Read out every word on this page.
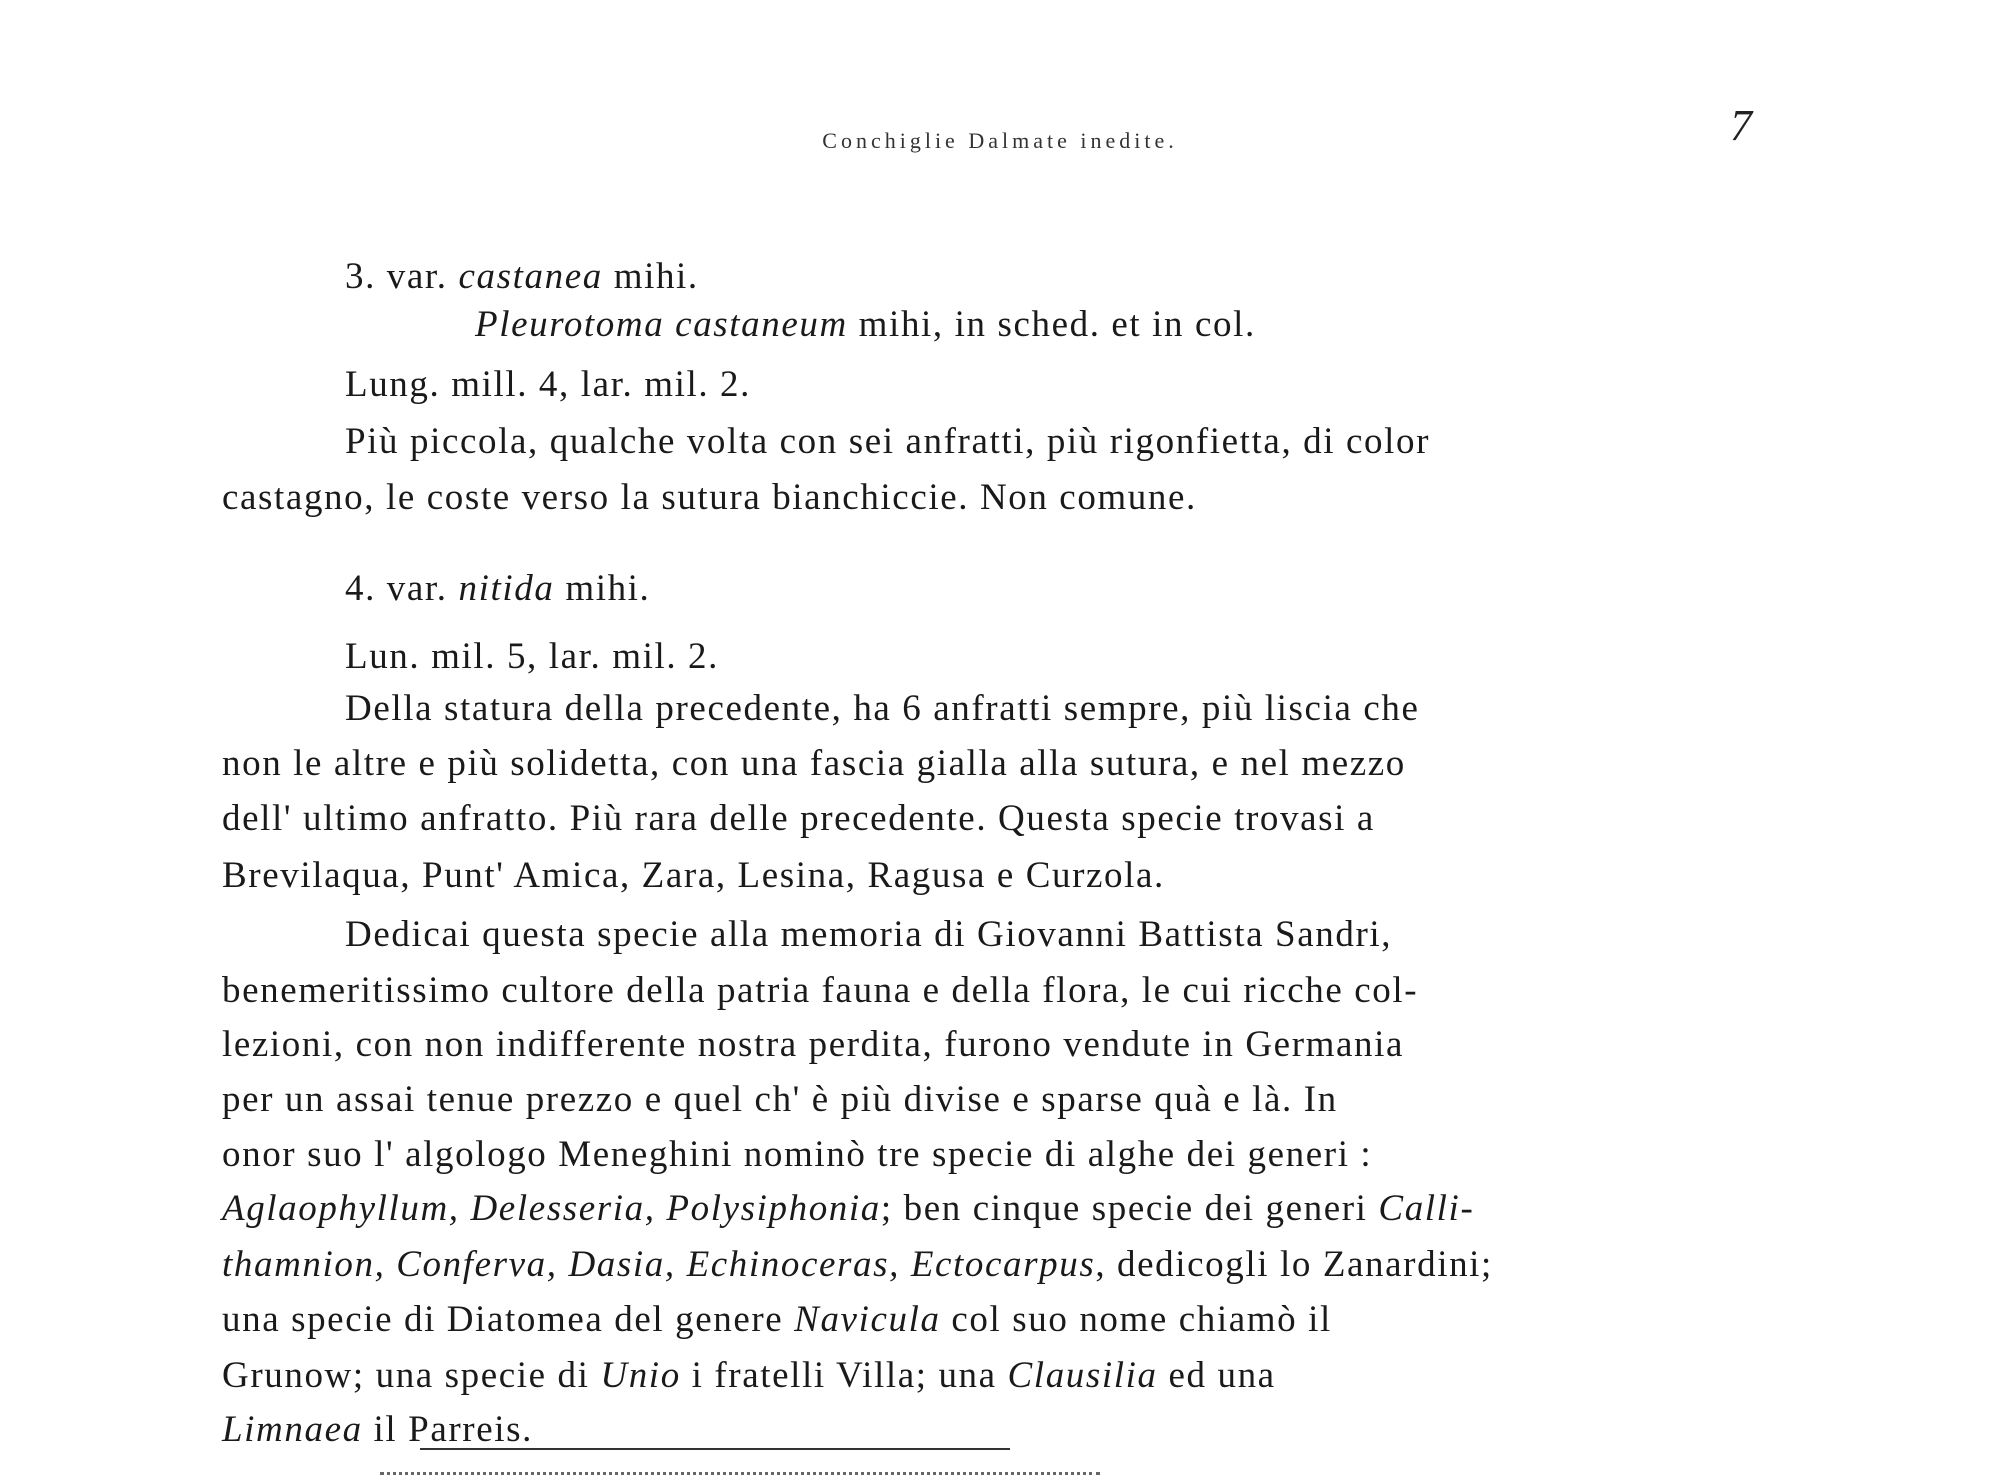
Conchiglie Dalmate inedite.	7
3. var. castanea mihi.
Pleurotoma castaneum mihi, in sched. et in col.
Lung. mill. 4, lar. mil. 2.
Più piccola, qualche volta con sei anfratti, più rigonfietta, di color
castagno, le coste verso la sutura bianchiccie. Non comune.
4. var. nitida mihi.
Lun. mil. 5, lar. mil. 2.
Della statura della precedente, ha 6 anfratti sempre, più liscia che
non le altre e più solidetta, con una fascia gialla alla sutura, e nel mezzo
dell' ultimo anfratto. Più rara delle precedente. Questa specie trovasi a
Brevilaqua, Punt' Amica, Zara, Lesina, Ragusa e Curzola.
Dedicai questa specie alla memoria di Giovanni Battista Sandri,
benemeritissimo cultore della patria fauna e della flora, le cui ricche col-
lezioni, con non indifferente nostra perdita, furono vendute in Germania
per un assai tenue prezzo e quel ch' è più divise e sparse quà e là. In
onor suo l' algologo Meneghini nominò tre specie di alghe dei generi :
Aglaophyllum, Delesseria, Polysiphonia; ben cinque specie dei generi Calli-
thamnion, Conferva, Dasia, Echinoceras, Ectocarpus, dedicogli lo Zanardini;
una specie di Diatomea del genere Navicula col suo nome chiamò il
Grunow; una specie di Unio i fratelli Villa; una Clausilia ed una
Limnaea il Parreis.
